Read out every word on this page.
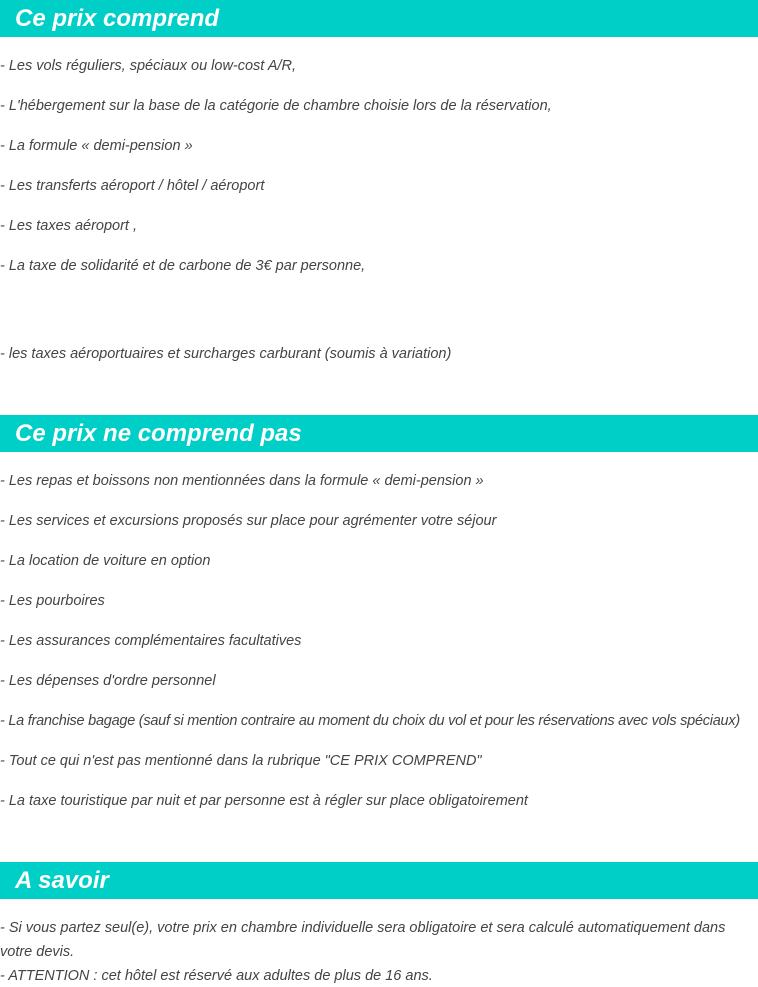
Ce prix comprend
- Les vols réguliers, spéciaux ou low-cost A/R,
- L'hébergement sur la base de la catégorie de chambre choisie lors de la réservation,
- La formule « demi-pension »
- Les transferts aéroport / hôtel / aéroport
- Les taxes aéroport ,
- La taxe de solidarité et de carbone de 3€ par personne,
- les taxes aéroportuaires et surcharges carburant (soumis à variation)
Ce prix ne comprend pas
- Les repas et boissons non mentionnées dans la formule « demi-pension »
- Les services et excursions proposés sur place pour agrémenter votre séjour
- La location de voiture en option
- Les pourboires
- Les assurances complémentaires facultatives
- Les dépenses d'ordre personnel
- La franchise bagage (sauf si mention contraire au moment du choix du vol et pour les réservations avec vols spéciaux)
- Tout ce qui n'est pas mentionné dans la rubrique "CE PRIX COMPREND"
- La taxe touristique par nuit et par personne est à régler sur place obligatoirement
A savoir
- Si vous partez seul(e), votre prix en chambre individuelle sera obligatoire et sera calculé automatiquement dans votre devis.
- ATTENTION : cet hôtel est réservé aux adultes de plus de 16 ans.
